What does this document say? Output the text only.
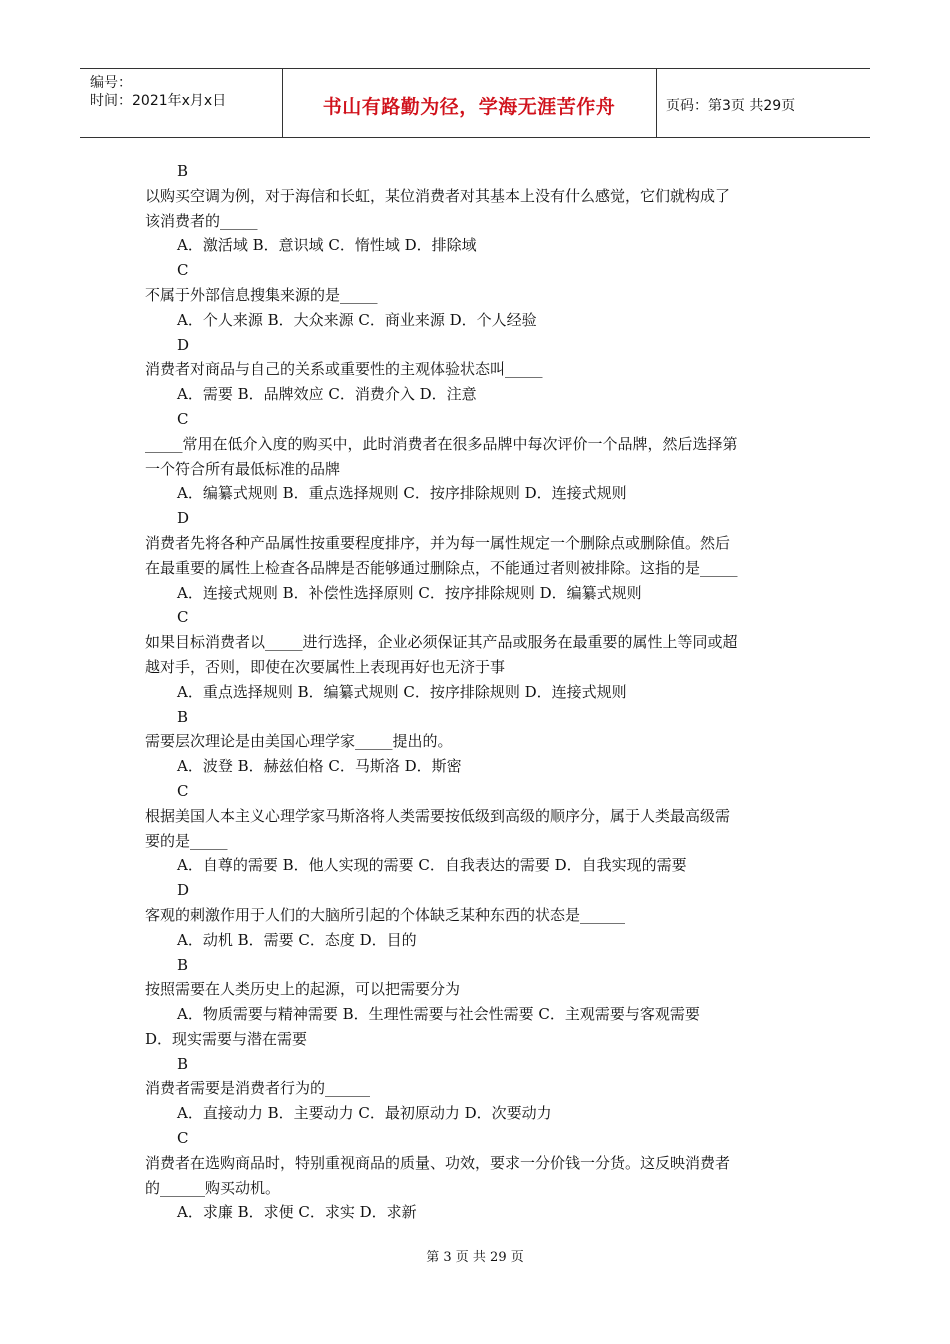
编号：
时间：2021年x月x日	书山有路勤为径，学海无涯苦作舟	页码：第3页 共29页
B
以购买空调为例，对于海信和长虹，某位消费者对其基本上没有什么感觉，它们就构成了
该消费者的_____
A．激活域 B．意识域 C．惰性域 D．排除域
C
不属于外部信息搜集来源的是_____
A．个人来源 B．大众来源 C．商业来源 D．个人经验
D
消费者对商品与自己的关系或重要性的主观体验状态叫_____
A．需要 B．品牌效应 C．消费介入 D．注意
C
_____常用在低介入度的购买中，此时消费者在很多品牌中每次评价一个品牌，然后选择第
一个符合所有最低标准的品牌
A．编纂式规则 B．重点选择规则 C．按序排除规则 D．连接式规则
D
消费者先将各种产品属性按重要程度排序，并为每一属性规定一个删除点或删除值。然后
在最重要的属性上检查各品牌是否能够通过删除点，不能通过者则被排除。这指的是_____
A．连接式规则 B．补偿性选择原则 C．按序排除规则 D．编纂式规则
C
如果目标消费者以_____进行选择，企业必须保证其产品或服务在最重要的属性上等同或超
越对手，否则，即使在次要属性上表现再好也无济于事
A．重点选择规则 B．编纂式规则 C．按序排除规则 D．连接式规则
B
需要层次理论是由美国心理学家_____提出的。
A．波登 B．赫兹伯格 C．马斯洛 D．斯密
C
根据美国人本主义心理学家马斯洛将人类需要按低级到高级的顺序分，属于人类最高级需
要的是_____
A．自尊的需要 B．他人实现的需要 C．自我表达的需要 D．自我实现的需要
D
客观的刺激作用于人们的大脑所引起的个体缺乏某种东西的状态是______
A．动机 B．需要 C．态度 D．目的
B
按照需要在人类历史上的起源，可以把需要分为
A．物质需要与精神需要 B．生理性需要与社会性需要 C．主观需要与客观需要
D．现实需要与潜在需要
B
消费者需要是消费者行为的______
A．直接动力 B．主要动力 C．最初原动力 D．次要动力
C
消费者在选购商品时，特别重视商品的质量、功效，要求一分价钱一分货。这反映消费者
的______购买动机。
A．求廉 B．求便 C．求实 D．求新
第 3 页 共 29 页
